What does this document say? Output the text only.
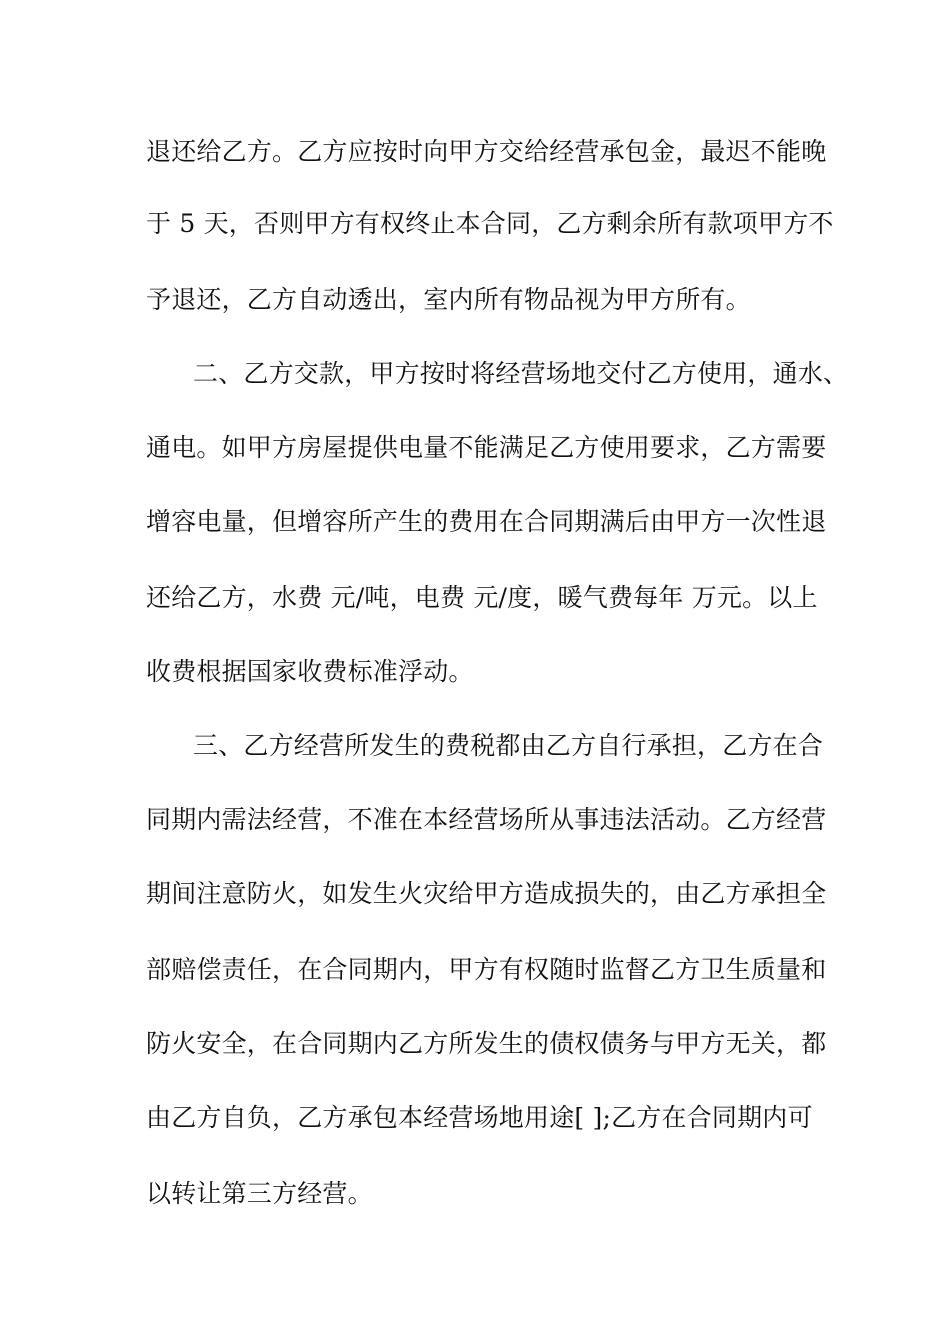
退还给乙方。乙方应按时向甲方交给经营承包金，最迟不能晚
于 5 天，否则甲方有权终止本合同，乙方剩余所有款项甲方不
予退还，乙方自动透出，室内所有物品视为甲方所有。
二、乙方交款，甲方按时将经营场地交付乙方使用，通水、
通电。如甲方房屋提供电量不能满足乙方使用要求，乙方需要
增容电量，但增容所产生的费用在合同期满后由甲方一次性退
还给乙方，水费 元/吨，电费 元/度，暖气费每年 万元。以上
收费根据国家收费标准浮动。
三、乙方经营所发生的费税都由乙方自行承担，乙方在合
同期内需法经营，不准在本经营场所从事违法活动。乙方经营
期间注意防火，如发生火灾给甲方造成损失的，由乙方承担全
部赔偿责任，在合同期内，甲方有权随时监督乙方卫生质量和
防火安全，在合同期内乙方所发生的债权债务与甲方无关，都
由乙方自负，乙方承包本经营场地用途[ ];乙方在合同期内可
以转让第三方经营。
